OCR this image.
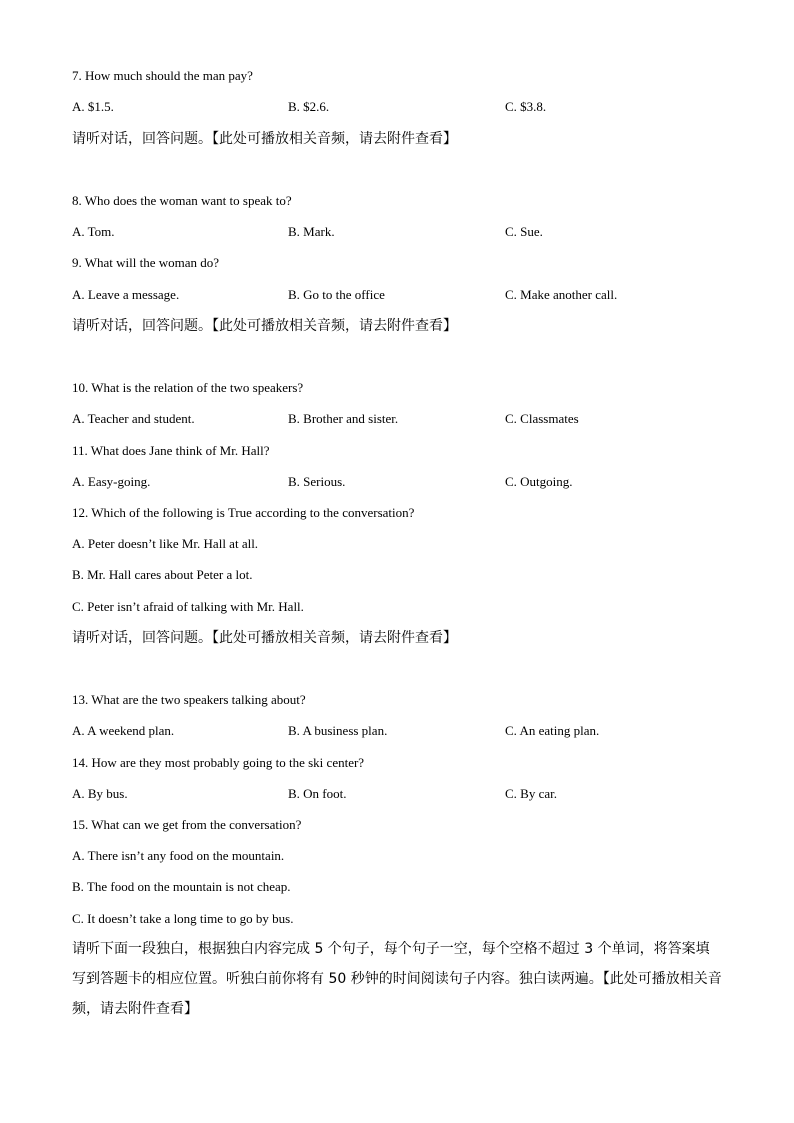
7. How much should the man pay?
A. $1.5.	B. $2.6.	C. $3.8.
请听对话，回答问题。【此处可播放相关音频，请去附件查看】
8. Who does the woman want to speak to?
A. Tom.	B. Mark.	C. Sue.
9. What will the woman do?
A. Leave a message.	B. Go to the office	C. Make another call.
请听对话，回答问题。【此处可播放相关音频，请去附件查看】
10. What is the relation of the two speakers?
A. Teacher and student.	B. Brother and sister.	C. Classmates
11. What does Jane think of Mr. Hall?
A. Easy-going.	B. Serious.	C. Outgoing.
12. Which of the following is True according to the conversation?
A. Peter doesn’t like Mr. Hall at all.
B. Mr. Hall cares about Peter a lot.
C. Peter isn’t afraid of talking with Mr. Hall.
请听对话，回答问题。【此处可播放相关音频，请去附件查看】
13. What are the two speakers talking about?
A. A weekend plan.	B. A business plan.	C. An eating plan.
14. How are they most probably going to the ski center?
A. By bus.	B. On foot.	C. By car.
15. What can we get from the conversation?
A. There isn’t any food on the mountain.
B. The food on the mountain is not cheap.
C. It doesn’t take a long time to go by bus.
请听下面一段独白，根据独白内容完成 5 个句子，每个句子一空，每个空格不超过 3 个单词，将答案填写到答题卡的相应位置。听独白前你将有 50 秒钟的时间阅读句子内容。独白读两遍。【此处可播放相关音频，请去附件查看】
